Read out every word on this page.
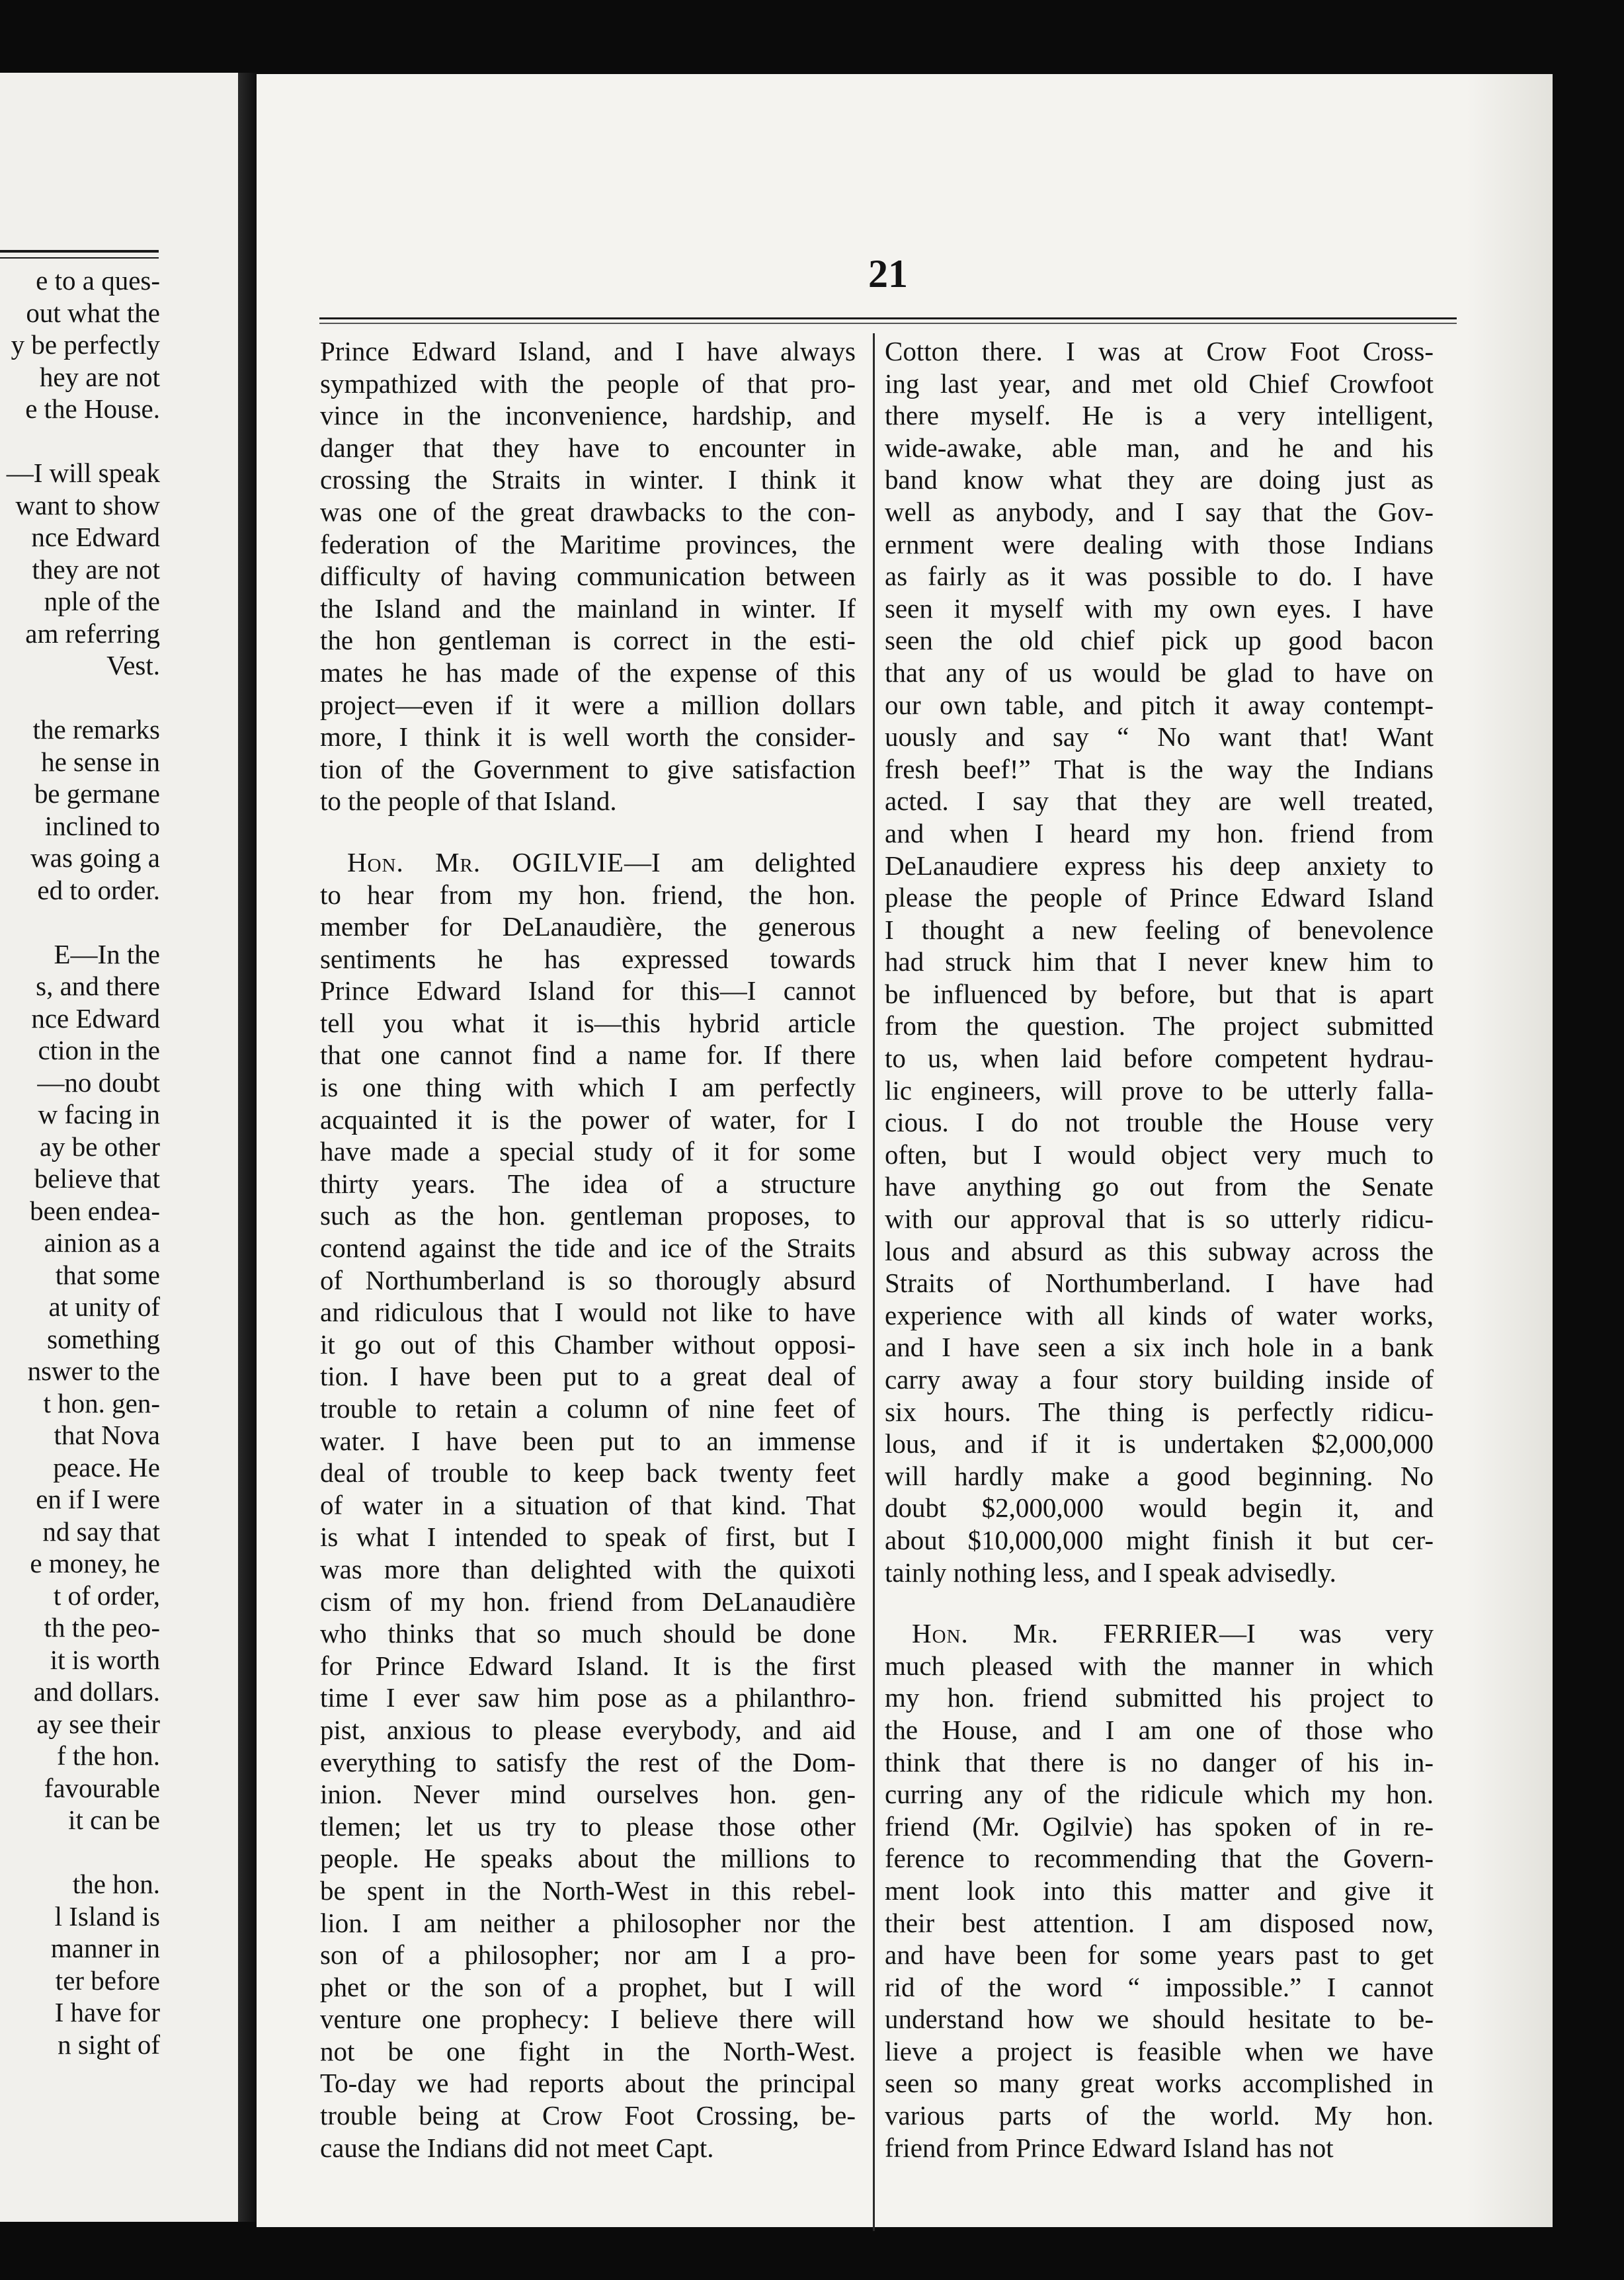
e to a ques-
out what the
y be perfectly
hey are not
e the House.

—I will speak
want to show
nce Edward
they are not
nple of the
am referring
Vest.

the remarks
he sense in
be germane
inclined to
was going a
ed to order.

E—In the
s, and there
nce Edward
ction in the
—no doubt
w facing in
ay be other
believe that
been endea-
ainion as a
that some
at unity of
something
nswer to the
t hon. gen-
that Nova
peace. He
en if I were
nd say that
e money, he
t of order,
th the peo-
it is worth
and dollars.
ay see their
f the hon.
favourable
it can be

the hon.
l Island is
manner in
ter before
I have for
n sight of
21
Prince Edward Island, and I have always
sympathized with the people of that pro-
vince in the inconvenience, hardship, and
danger that they have to encounter in
crossing the Straits in winter. I think it
was one of the great drawbacks to the con-
federation of the Maritime provinces, the
difficulty of having communication between
the Island and the mainland in winter. If
the hon gentleman is correct in the esti-
mates he has made of the expense of this
project—even if it were a million dollars
more, I think it is well worth the consider-
tion of the Government to give satisfaction
to the people of that Island.
 Hon. Mr. OGILVIE—I am delighted
to hear from my hon. friend, the hon.
member for DeLanaudière, the generous
sentiments he has expressed towards
Prince Edward Island for this—I cannot
tell you what it is—this hybrid article
that one cannot find a name for. If there
is one thing with which I am perfectly
acquainted it is the power of water, for I
have made a special study of it for some
thirty years. The idea of a structure
such as the hon. gentleman proposes, to
contend against the tide and ice of the Straits
of Northumberland is so thorougly absurd
and ridiculous that I would not like to have
it go out of this Chamber without opposi-
tion. I have been put to a great deal of
trouble to retain a column of nine feet of
water. I have been put to an immense
deal of trouble to keep back twenty feet
of water in a situation of that kind. That
is what I intended to speak of first, but I
was more than delighted with the quixoti
cism of my hon. friend from DeLanaudière
who thinks that so much should be done
for Prince Edward Island. It is the first
time I ever saw him pose as a philanthro-
pist, anxious to please everybody, and aid
everything to satisfy the rest of the Dom-
inion. Never mind ourselves hon. gen-
tlemen; let us try to please those other
people. He speaks about the millions to
be spent in the North-West in this rebel-
lion. I am neither a philosopher nor the
son of a philosopher; nor am I a pro-
phet or the son of a prophet, but I will
venture one prophecy: I believe there will
not be one fight in the North-West.
To-day we had reports about the principal
trouble being at Crow Foot Crossing, be-
cause the Indians did not meet Capt.
Cotton there. I was at Crow Foot Cross-
ing last year, and met old Chief Crowfoot
there myself. He is a very intelligent,
wide-awake, able man, and he and his
band know what they are doing just as
well as anybody, and I say that the Gov-
ernment were dealing with those Indians
as fairly as it was possible to do. I have
seen it myself with my own eyes. I have
seen the old chief pick up good bacon
that any of us would be glad to have on
our own table, and pitch it away contempt-
uously and say “ No want that! Want
fresh beef!” That is the way the Indians
acted. I say that they are well treated,
and when I heard my hon. friend from
DeLanaudiere express his deep anxiety to
please the people of Prince Edward Island
I thought a new feeling of benevolence
had struck him that I never knew him to
be influenced by before, but that is apart
from the question. The project submitted
to us, when laid before competent hydrau-
lic engineers, will prove to be utterly falla-
cious. I do not trouble the House very
often, but I would object very much to
have anything go out from the Senate
with our approval that is so utterly ridicu-
lous and absurd as this subway across the
Straits of Northumberland. I have had
experience with all kinds of water works,
and I have seen a six inch hole in a bank
carry away a four story building inside of
six hours. The thing is perfectly ridicu-
lous, and if it is undertaken $2,000,000
will hardly make a good beginning. No
doubt $2,000,000 would begin it, and
about $10,000,000 might finish it but cer-
tainly nothing less, and I speak advisedly.
 Hon. Mr. FERRIER—I was very
much pleased with the manner in which
my hon. friend submitted his project to
the House, and I am one of those who
think that there is no danger of his in-
curring any of the ridicule which my hon.
friend (Mr. Ogilvie) has spoken of in re-
ference to recommending that the Govern-
ment look into this matter and give it
their best attention. I am disposed now,
and have been for some years past to get
rid of the word “ impossible.” I cannot
understand how we should hesitate to be-
lieve a project is feasible when we have
seen so many great works accomplished in
various parts of the world. My hon.
friend from Prince Edward Island has not
